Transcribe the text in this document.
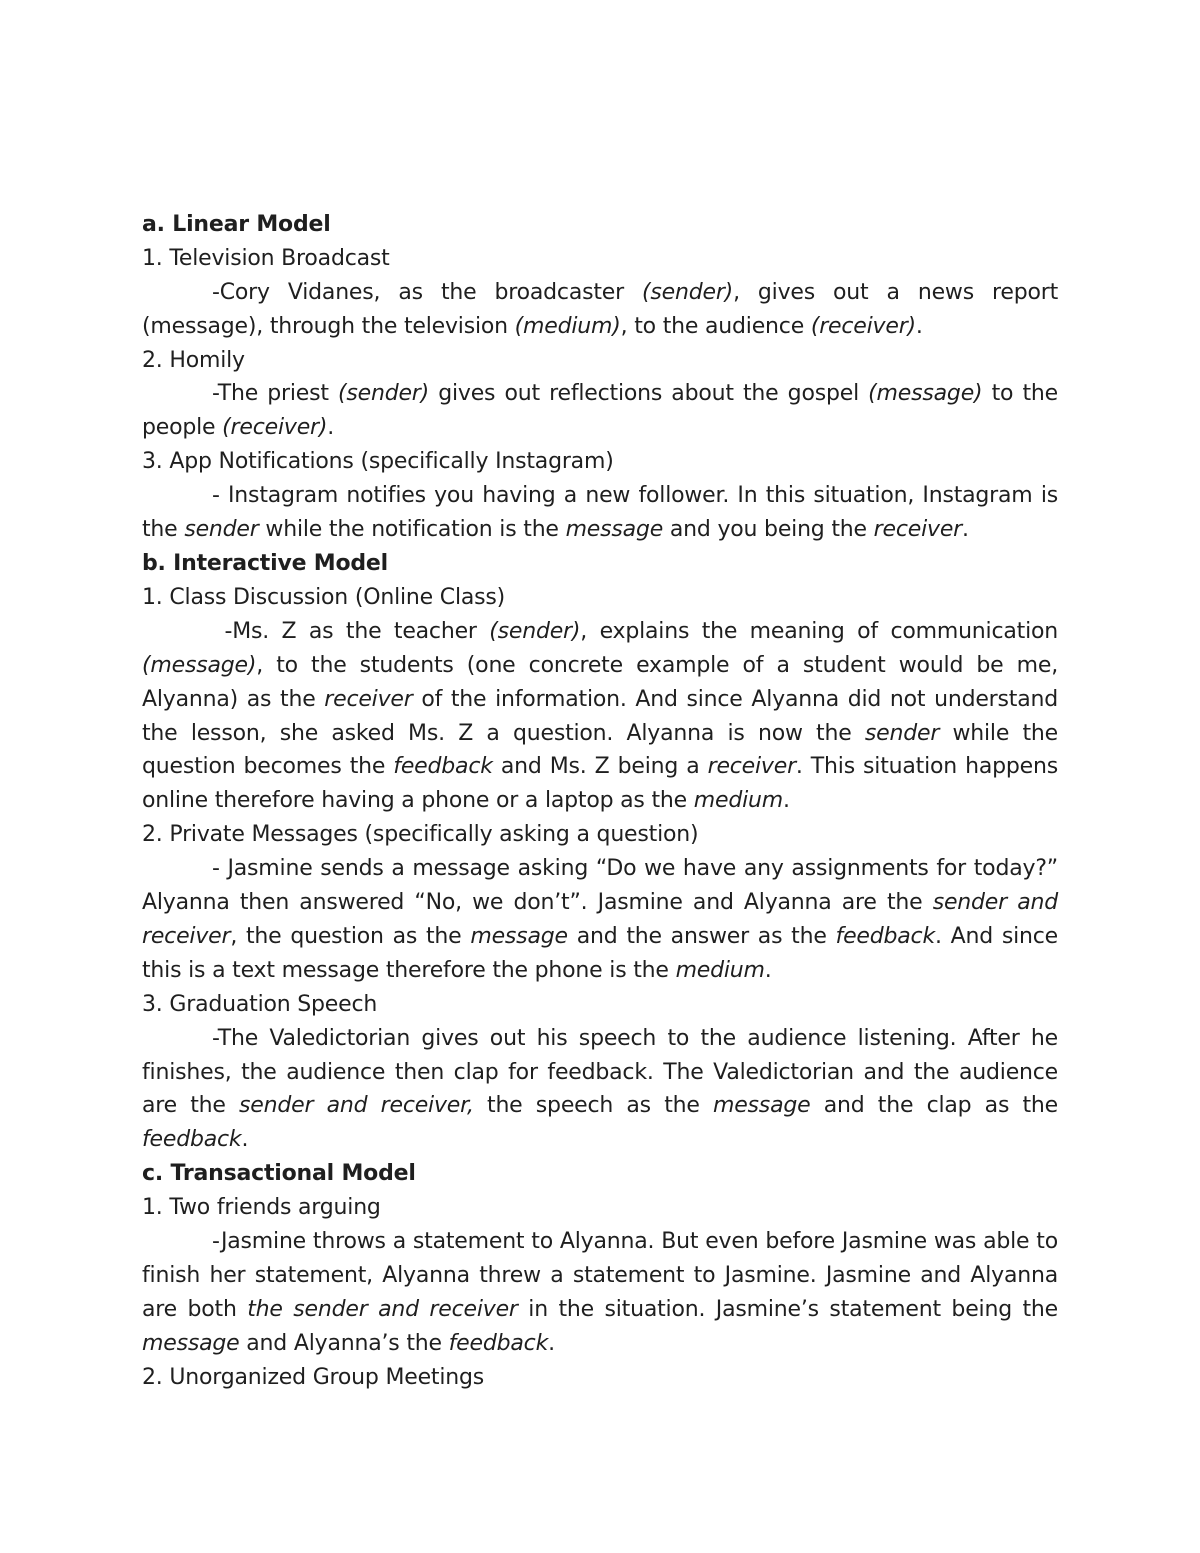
a. Linear Model
1. Television Broadcast
-Cory Vidanes, as the broadcaster (sender), gives out a news report (message), through the television (medium), to the audience (receiver).
2. Homily
-The priest (sender) gives out reflections about the gospel (message) to the people (receiver).
3. App Notifications (specifically Instagram)
- Instagram notifies you having a new follower. In this situation, Instagram is the sender while the notification is the message and you being the receiver.
b. Interactive Model
1. Class Discussion (Online Class)
-Ms. Z as the teacher (sender), explains the meaning of communication (message), to the students (one concrete example of a student would be me, Alyanna) as the receiver of the information. And since Alyanna did not understand the lesson, she asked Ms. Z a question. Alyanna is now the sender while the question becomes the feedback and Ms. Z being a receiver. This situation happens online therefore having a phone or a laptop as the medium.
2. Private Messages (specifically asking a question)
- Jasmine sends a message asking “Do we have any assignments for today?” Alyanna then answered “No, we don’t”. Jasmine and Alyanna are the sender and receiver, the question as the message and the answer as the feedback. And since this is a text message therefore the phone is the medium.
3. Graduation Speech
-The Valedictorian gives out his speech to the audience listening. After he finishes, the audience then clap for feedback. The Valedictorian and the audience are the sender and receiver, the speech as the message and the clap as the feedback.
c. Transactional Model
1. Two friends arguing
-Jasmine throws a statement to Alyanna. But even before Jasmine was able to finish her statement, Alyanna threw a statement to Jasmine. Jasmine and Alyanna are both the sender and receiver in the situation. Jasmine’s statement being the message and Alyanna’s the feedback.
2. Unorganized Group Meetings
